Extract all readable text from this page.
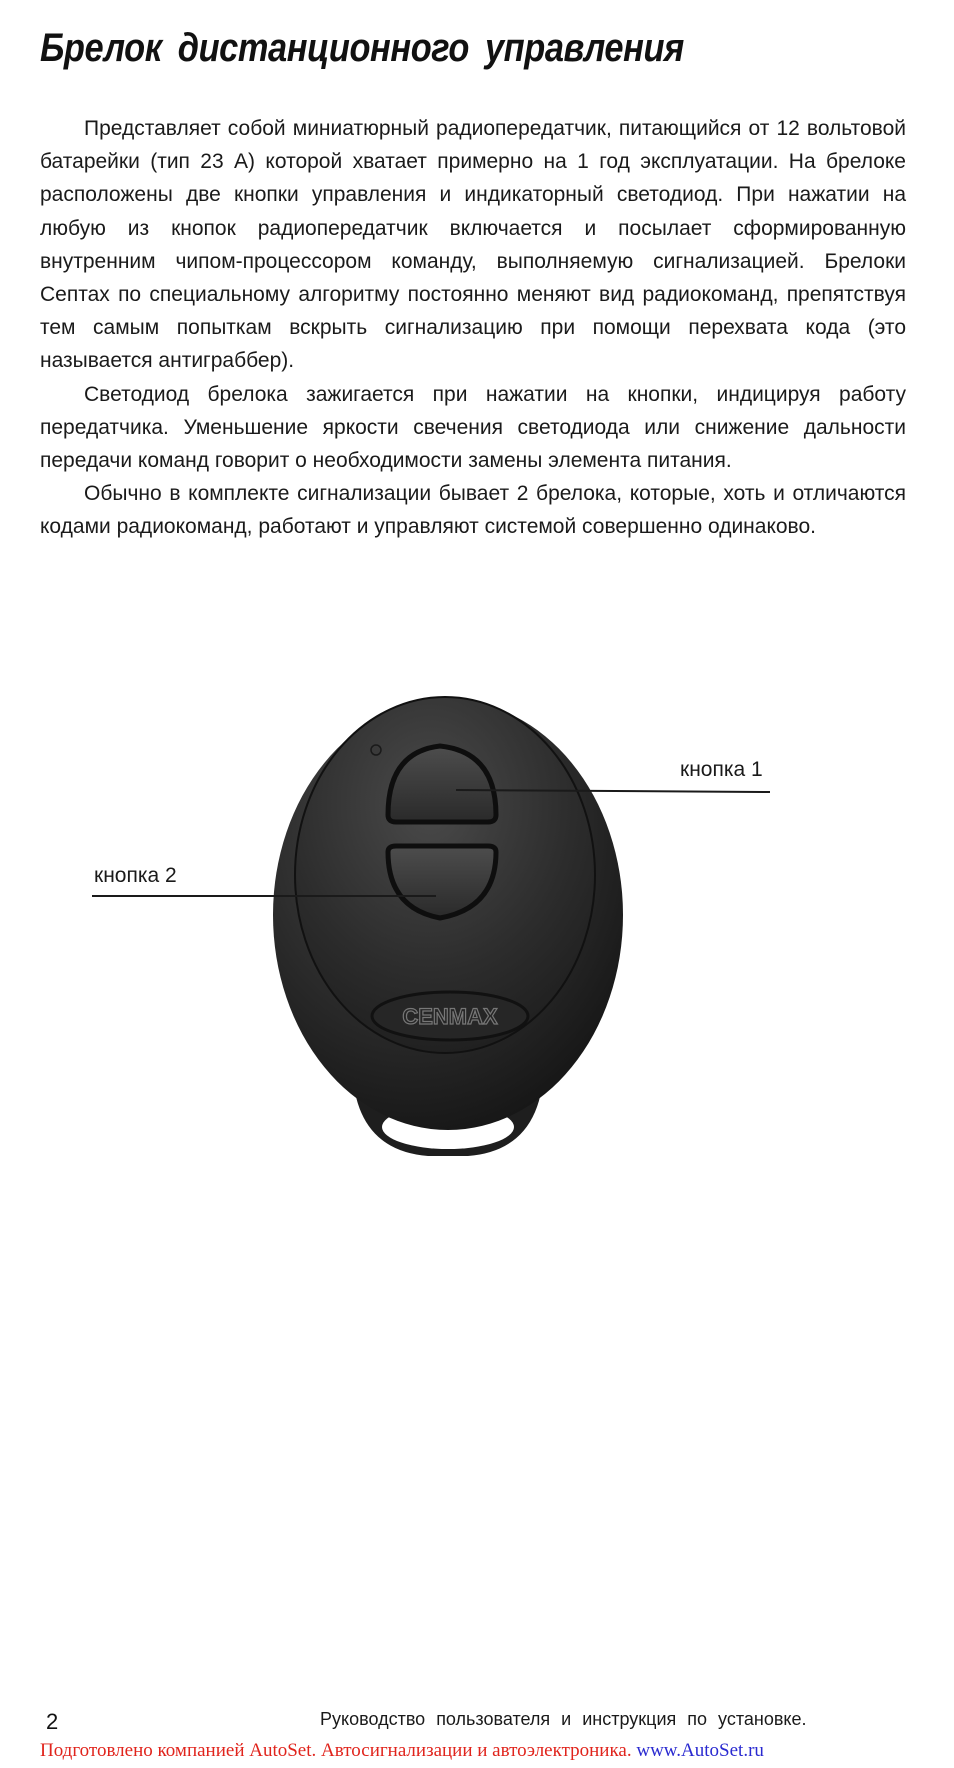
Брелок дистанционного управления

Представляет собой миниатюрный радиопередатчик, питающийся от 12 вольтовой батарейки (тип 23 А) которой хватает примерно на 1 год эксплуатации. На брелоке расположены две кнопки управления и индикаторный светодиод. При нажатии на любую из кнопок радиопередатчик включается и посылает сформированную внутренним чипом-процессором команду, выполняемую сигнализацией. Брелоки Септах по специальному алгоритму постоянно меняют вид радиокоманд, препятствуя тем самым попыткам вскрыть сигнализацию при помощи перехвата кода (это называется антиграббер).

Светодиод брелока зажигается при нажатии на кнопки, индицируя работу передатчика. Уменьшение яркости свечения светодиода или снижение дальности передачи команд говорит о необходимости замены элемента питания.

Обычно в комплекте сигнализации бывает 2 брелока, которые, хоть и отличаются кодами радиокоманд, работают и управляют системой совершенно одинаково.

CENMAX
кнопка 1
кнопка 2
2	Руководство пользователя и инструкция по установке.
Подготовлено компанией AutoSet. Автосигнализации и автоэлектроника. www.AutoSet.ru
